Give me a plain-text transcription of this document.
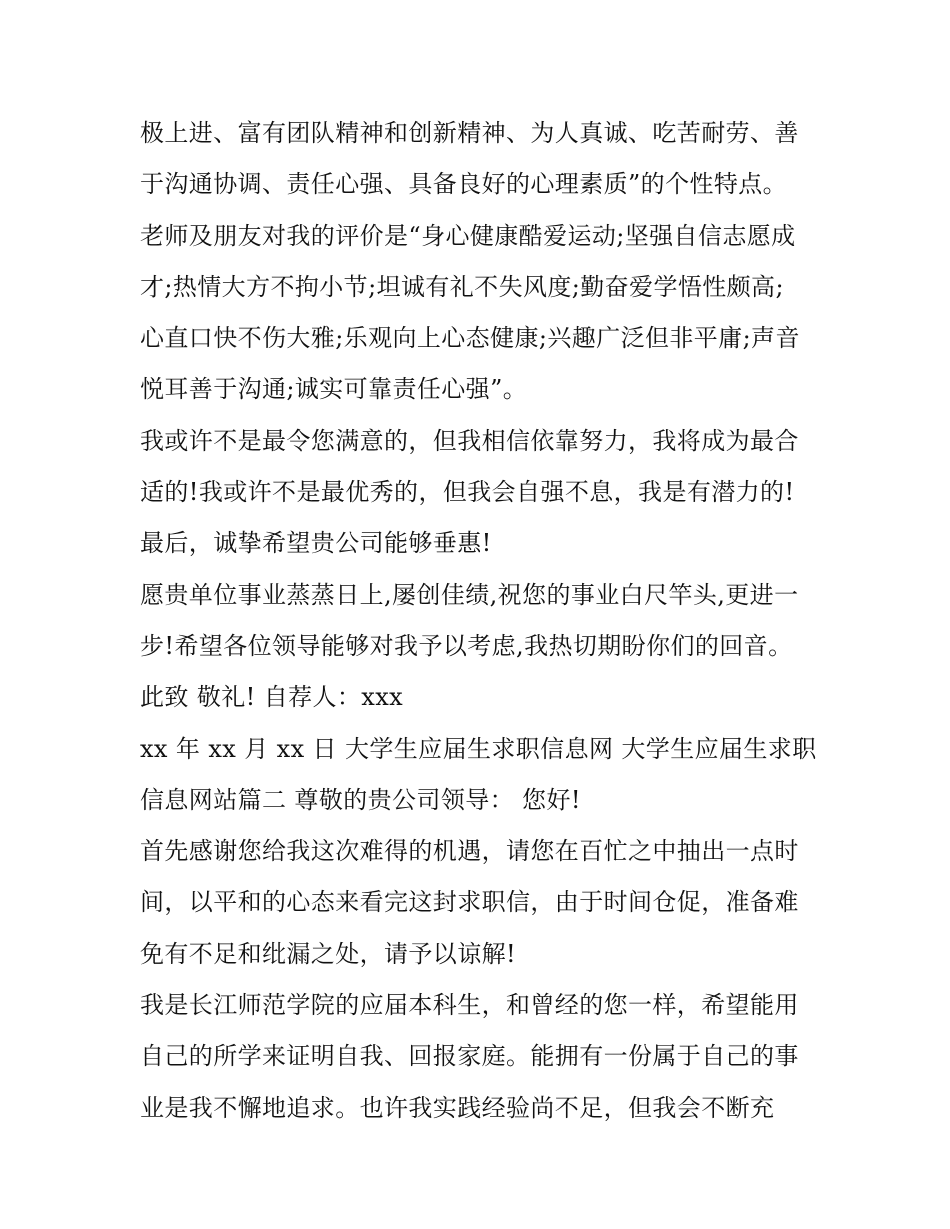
极上进、富有团队精神和创新精神、为人真诚、吃苦耐劳、善
于沟通协调、责任心强、具备良好的心理素质”的个性特点。
老师及朋友对我的评价是“身心健康酷爱运动;坚强自信志愿成
才;热情大方不拘小节;坦诚有礼不失风度;勤奋爱学悟性颇高;
心直口快不伤大雅;乐观向上心态健康;兴趣广泛但非平庸;声音
悦耳善于沟通;诚实可靠责任心强”。
我或许不是最令您满意的，但我相信依靠努力，我将成为最合
适的!我或许不是最优秀的，但我会自强不息，我是有潜力的!
最后，诚挚希望贵公司能够垂惠!
愿贵单位事业蒸蒸日上,屡创佳绩,祝您的事业白尺竿头,更进一
步!希望各位领导能够对我予以考虑,我热切期盼你们的回音。
此致 敬礼! 自荐人：xxx
xx 年 xx 月 xx 日 大学生应届生求职信息网 大学生应届生求职
信息网站篇二 尊敬的贵公司领导： 您好!
首先感谢您给我这次难得的机遇，请您在百忙之中抽出一点时
间，以平和的心态来看完这封求职信，由于时间仓促，准备难
免有不足和纰漏之处，请予以谅解!
我是长江师范学院的应届本科生，和曾经的您一样，希望能用
自己的所学来证明自我、回报家庭。能拥有一份属于自己的事
业是我不懈地追求。也许我实践经验尚不足，但我会不断充
